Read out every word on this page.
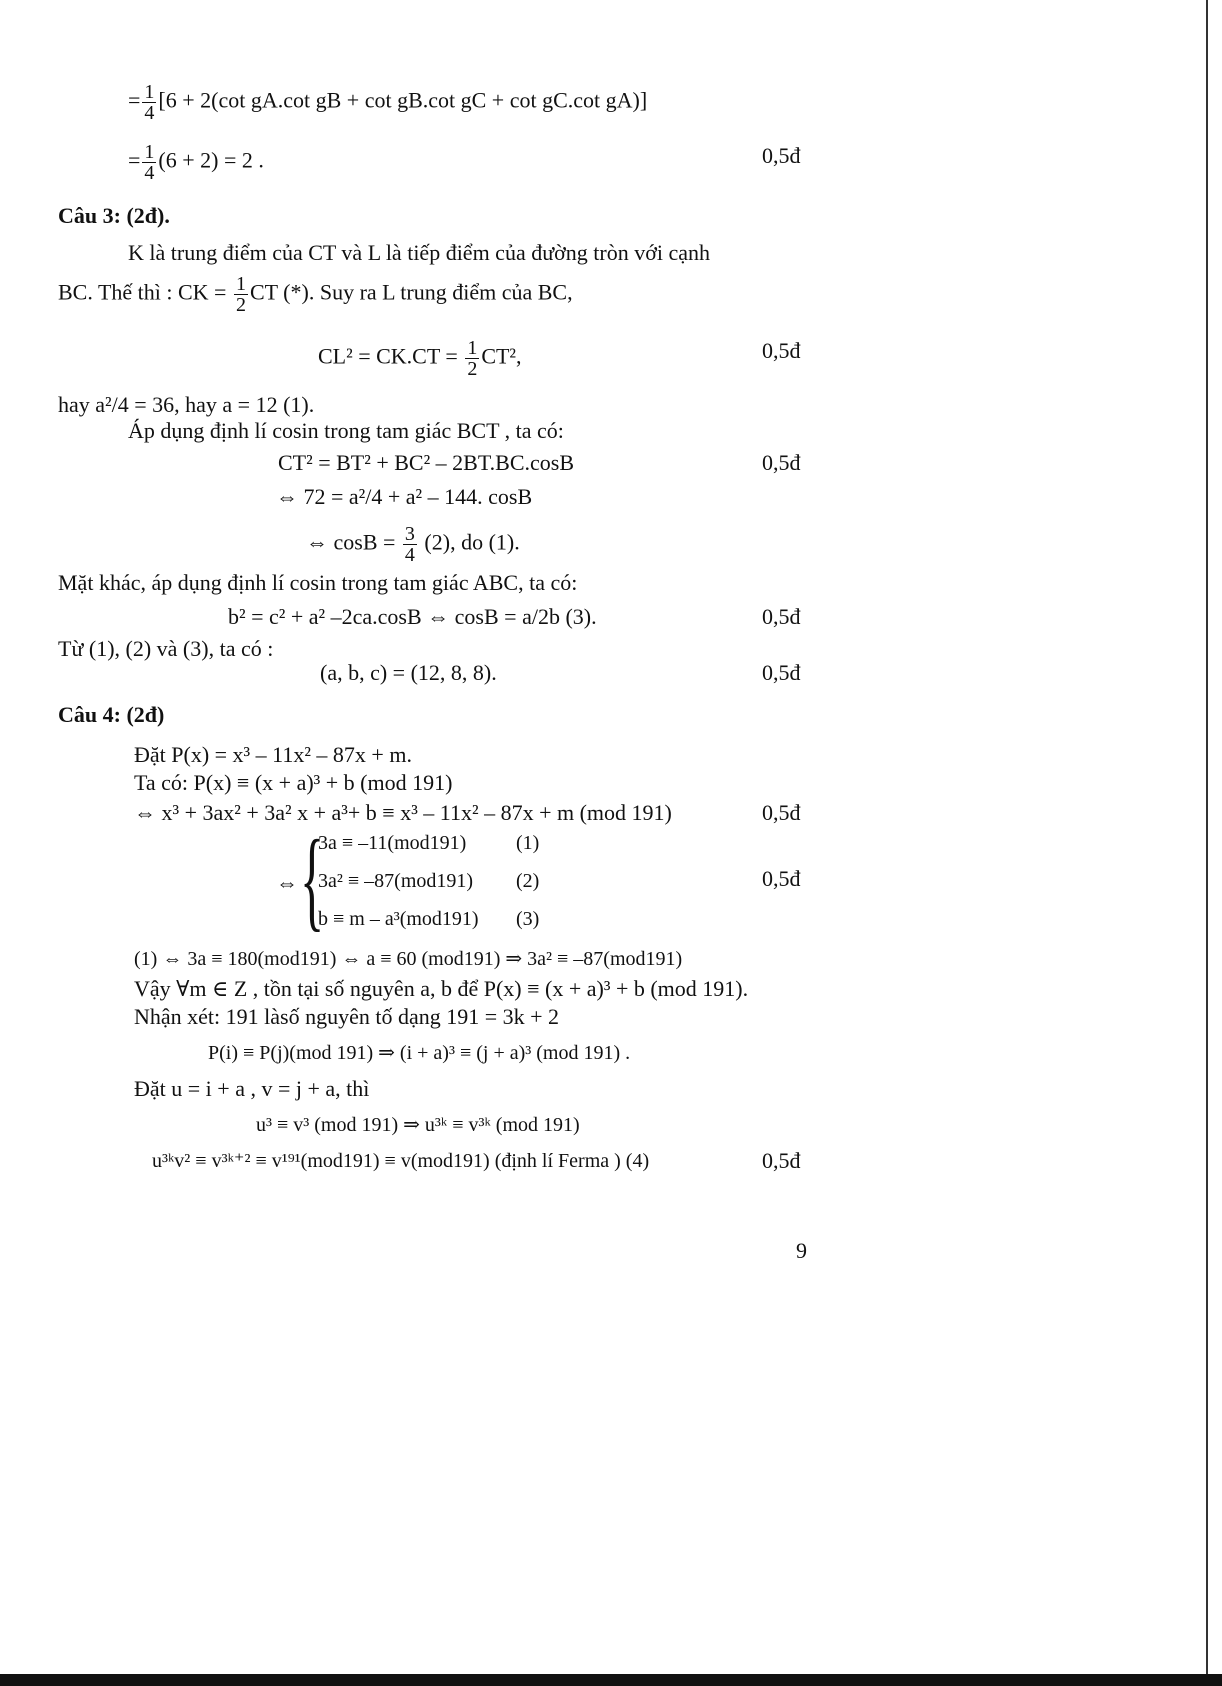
= $\frac{1}{4} [6 + 2(\cot$ gA.cot gB + cot gB.cot gC + cot gC.cot gA)]
= $\frac{1}{4} (6 + 2) = 2$ .	0,5đ
Câu 3: (2đ).
K là trung điểm của CT và L là tiếp điểm của đường tròn với cạnh
BC. Thế thì : CK = $\frac{1}{2}$ CT (*). Suy ra L trung điểm của BC,
$CL^2 = CK.CT = \frac{1}{2} CT^2$,	0,5đ
hay a²/4 = 36, hay a = 12 (1).
Áp dụng định lí cosin trong tam giác BCT , ta có:
CT² = BT² + BC² – 2BT.BC.cosB	0,5đ
⇔ 72 = a²/4 + a² – 144. cosB
⇔ $\cos B = \frac{3}{4} (2)$, do (1).
Mặt khác, áp dụng định lí cosin trong tam giác ABC, ta có:
b² = c² + a² –2ca.cosB ⇔ cosB = a/2b (3).	0,5đ
Từ (1), (2) và (3), ta có :
(a, b, c) = (12, 8, 8).	0,5đ
Câu 4: (2đ)
Đặt P(x) = x³ – 11x² – 87x + m.
Ta có: P(x) ≡ (x + a)³ + b (mod 191)
⇔ x³ + 3ax² + 3a² x + a³+ b ≡ x³ – 11x² – 87x + m (mod 191)	0,5đ
⇔ {
3a ≡ –11(mod191) (1)
3a² ≡ –87(mod191) (2)
b ≡ m – a³(mod191) (3)
0,5đ
(1) ⇔ 3a ≡ 180(mod191) ⇔ a ≡ 60 (mod191) ⇒ 3a² ≡ –87(mod191)
Vậy ∀m ∈ Z , tồn tại số nguyên a, b để P(x) ≡ (x + a)³ + b (mod 191).
Nhận xét: 191 làsố nguyên tố dạng 191 = 3k + 2
P(i) ≡ P(j)(mod 191) ⇒ (i + a)³ ≡ (j + a)³ (mod 191) .
Đặt u = i + a , v = j + a, thì
u³ ≡ v³ (mod 191) ⇒ u³ᵏ ≡ v³ᵏ (mod 191)
u³ᵏv² ≡ v³ᵏ⁺² ≡ v¹⁹¹(mod191) ≡ v(mod191) (định lí Ferma ) (4)	0,5đ
9
